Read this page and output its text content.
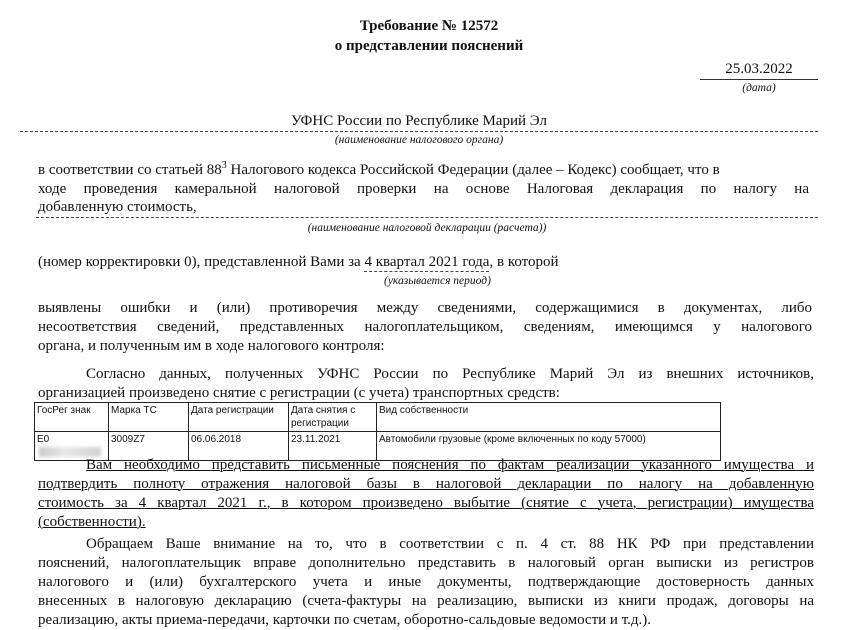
Требование № 12572
о представлении пояснений
25.03.2022
(дата)
УФНС России по Республике Марий Эл
(наименование налогового органа)
в соответствии со статьей $88^3$ Налогового кодекса Российской Федерации (далее – Кодекс) сообщает, что в
ходе проведения камеральной налоговой проверки на основе Налоговая декларация по налогу на
добавленную стоимость,
(наименование налоговой декларации (расчета))
(номер корректировки 0), представленной Вами за 4 квартал 2021 года, в которой
(указывается период)
выявлены ошибки и (или) противоречия между сведениями, содержащимися в документах, либо
несоответствия сведений, представленных налогоплательщиком, сведениям, имеющимся у налогового
органа, и полученным им в ходе налогового контроля:
Согласно данных, полученных УФНС России по Республике Марий Эл из внешних источников,
организацией произведено снятие с регистрации (с учета) транспортных средств:
ГосРег знак	Марка ТС	Дата регистрации	Дата снятия с регистрации	Вид собственности
Е0	3009Z7	06.06.2018	23.11.2021	Автомобили грузовые (кроме включенных по коду 57000)
Вам необходимо представить письменные пояснения по фактам реализации указанного имущества и
подтвердить полноту отражения налоговой базы в налоговой декларации по налогу на добавленную
стоимость за 4 квартал 2021 г., в котором произведено выбытие (снятие с учета, регистрации) имущества
(собственности).
Обращаем Ваше внимание на то, что в соответствии с п. 4 ст. 88 НК РФ при представлении
пояснений, налогоплательщик вправе дополнительно представить в налоговый орган выписки из регистров
налогового и (или) бухгалтерского учета и иные документы, подтверждающие достоверность данных
внесенных в налоговую декларацию (счета-фактуры на реализацию, выписки из книги продаж, договоры на
реализацию, акты приема-передачи, карточки по счетам, оборотно-сальдовые ведомости и т.д.).
